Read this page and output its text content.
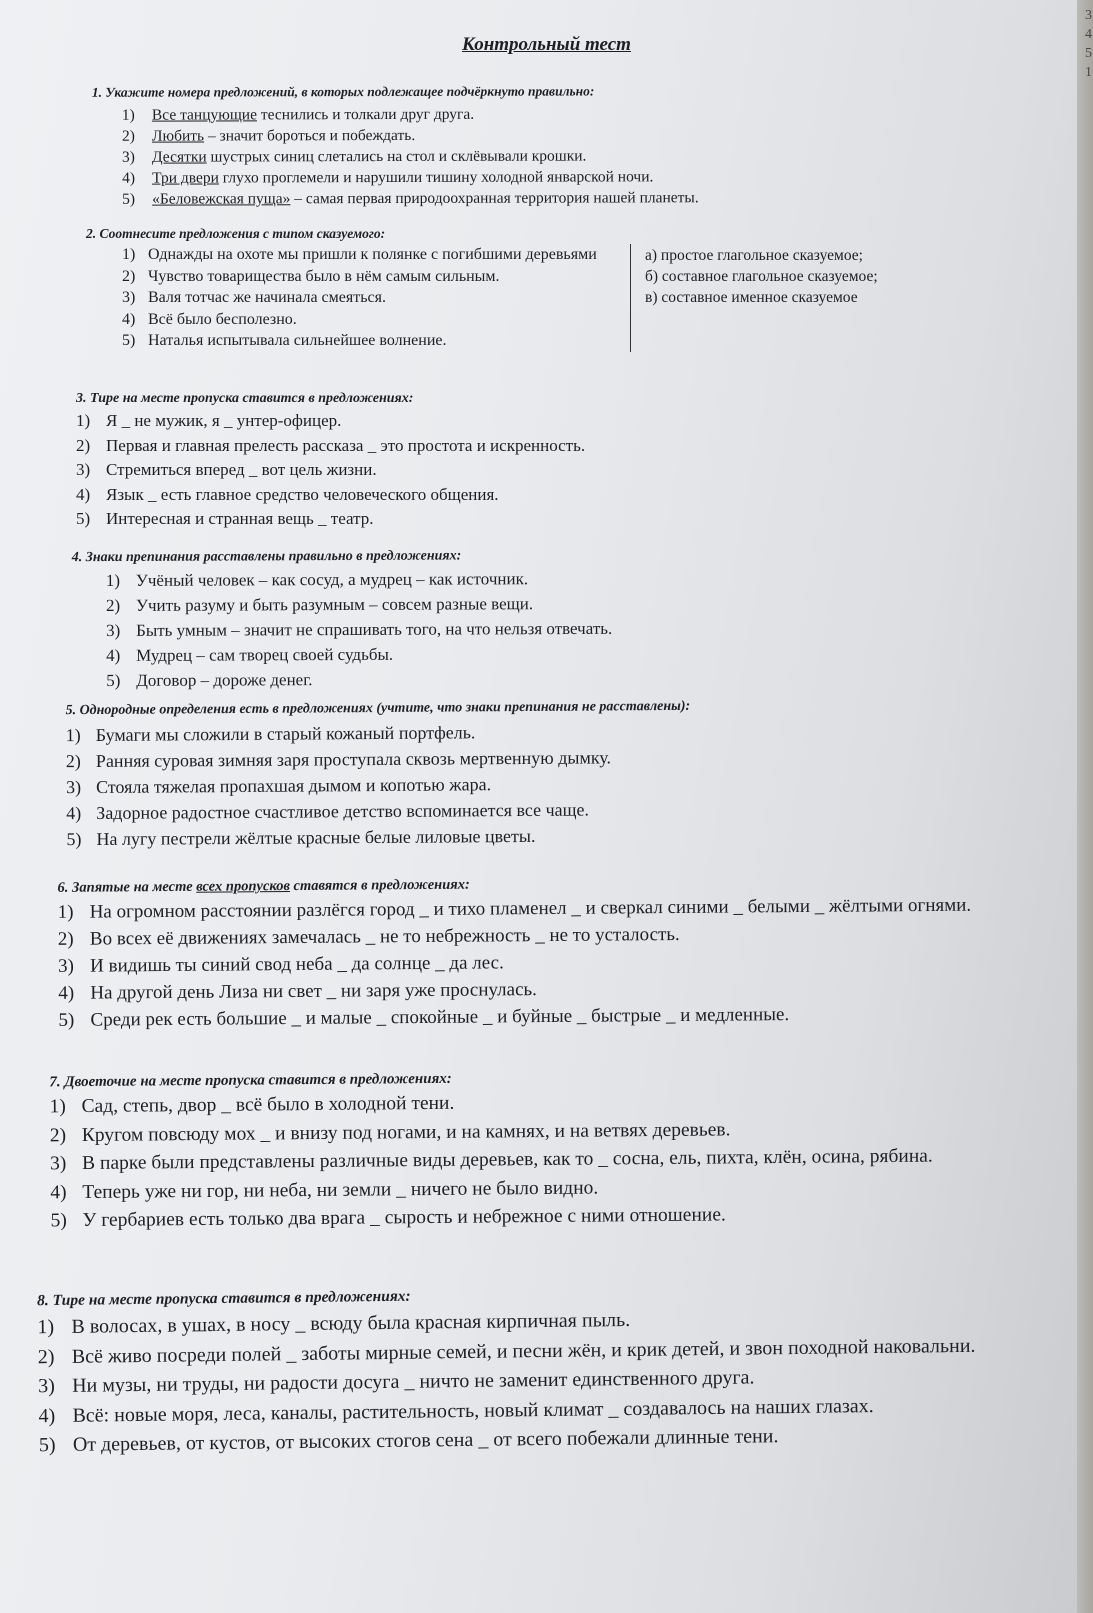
3
4
5
1
Контрольный тест
1. Укажите номера предложений, в которых подлежащее подчёркнуто правильно:
1)	Все танцующие теснились и толкали друг друга.
2)	Любить – значит бороться и побеждать.
3)	Десятки шустрых синиц слетались на стол и склёвывали крошки.
4)	Три двери глухо проглемели и нарушили тишину холодной январской ночи.
5)	«Беловежская пуща» – самая первая природоохранная территория нашей планеты.
2. Соотнесите предложения с типом сказуемого:
1) Однажды на охоте мы пришли к полянке с погибшими деревьями
2) Чувство товарищества было в нём самым сильным.
3) Валя тотчас же начинала смеяться.
4) Всё было бесполезно.
5) Наталья испытывала сильнейшее волнение.
а) простое глагольное сказуемое;
б) составное глагольное сказуемое;
в) составное именное сказуемое
3. Тире на месте пропуска ставится в предложениях:
1) Я _ не мужик, я _ унтер-офицер.
2) Первая и главная прелесть рассказа _ это простота и искренность.
3) Стремиться вперед _ вот цель жизни.
4) Язык _ есть главное средство человеческого общения.
5) Интересная и странная вещь _ театр.
4. Знаки препинания расставлены правильно в предложениях:
1) Учёный человек – как сосуд, а мудрец – как источник.
2) Учить разуму и быть разумным – совсем разные вещи.
3) Быть умным – значит не спрашивать того, на что нельзя отвечать.
4) Мудрец – сам творец своей судьбы.
5) Договор – дороже денег.
5. Однородные определения есть в предложениях (учтите, что знаки препинания не расставлены):
1) Бумаги мы сложили в старый кожаный портфель.
2) Ранняя суровая зимняя заря проступала сквозь мертвенную дымку.
3) Стояла тяжелая пропахшая дымом и копотью жара.
4) Задорное радостное счастливое детство вспоминается все чаще.
5) На лугу пестрели жёлтые красные белые лиловые цветы.
6. Запятые на месте всех пропусков ставятся в предложениях:
1) На огромном расстоянии разлёгся город _ и тихо пламенел _ и сверкал синими _ белыми _ жёлтыми огнями.
2) Во всех её движениях замечалась _ не то небрежность _ не то усталость.
3) И видишь ты синий свод неба _ да солнце _ да лес.
4) На другой день Лиза ни свет _ ни заря уже проснулась.
5) Среди рек есть большие _ и малые _ спокойные _ и буйные _ быстрые _ и медленные.
7. Двоеточие на месте пропуска ставится в предложениях:
1) Сад, степь, двор _ всё было в холодной тени.
2) Кругом повсюду мох _ и внизу под ногами, и на камнях, и на ветвях деревьев.
3) В парке были представлены различные виды деревьев, как то _ сосна, ель, пихта, клён, осина, рябина.
4) Теперь уже ни гор, ни неба, ни земли _ ничего не было видно.
5) У гербариев есть только два врага _ сырость и небрежное с ними отношение.
8. Тире на месте пропуска ставится в предложениях:
1) В волосах, в ушах, в носу _ всюду была красная кирпичная пыль.
2) Всё живо посреди полей _ заботы мирные семей, и песни жён, и крик детей, и звон походной наковальни.
3) Ни музы, ни труды, ни радости досуга _ ничто не заменит единственного друга.
4) Всё: новые моря, леса, каналы, растительность, новый климат _ создавалось на наших глазах.
5) От деревьев, от кустов, от высоких стогов сена _ от всего побежали длинные тени.
